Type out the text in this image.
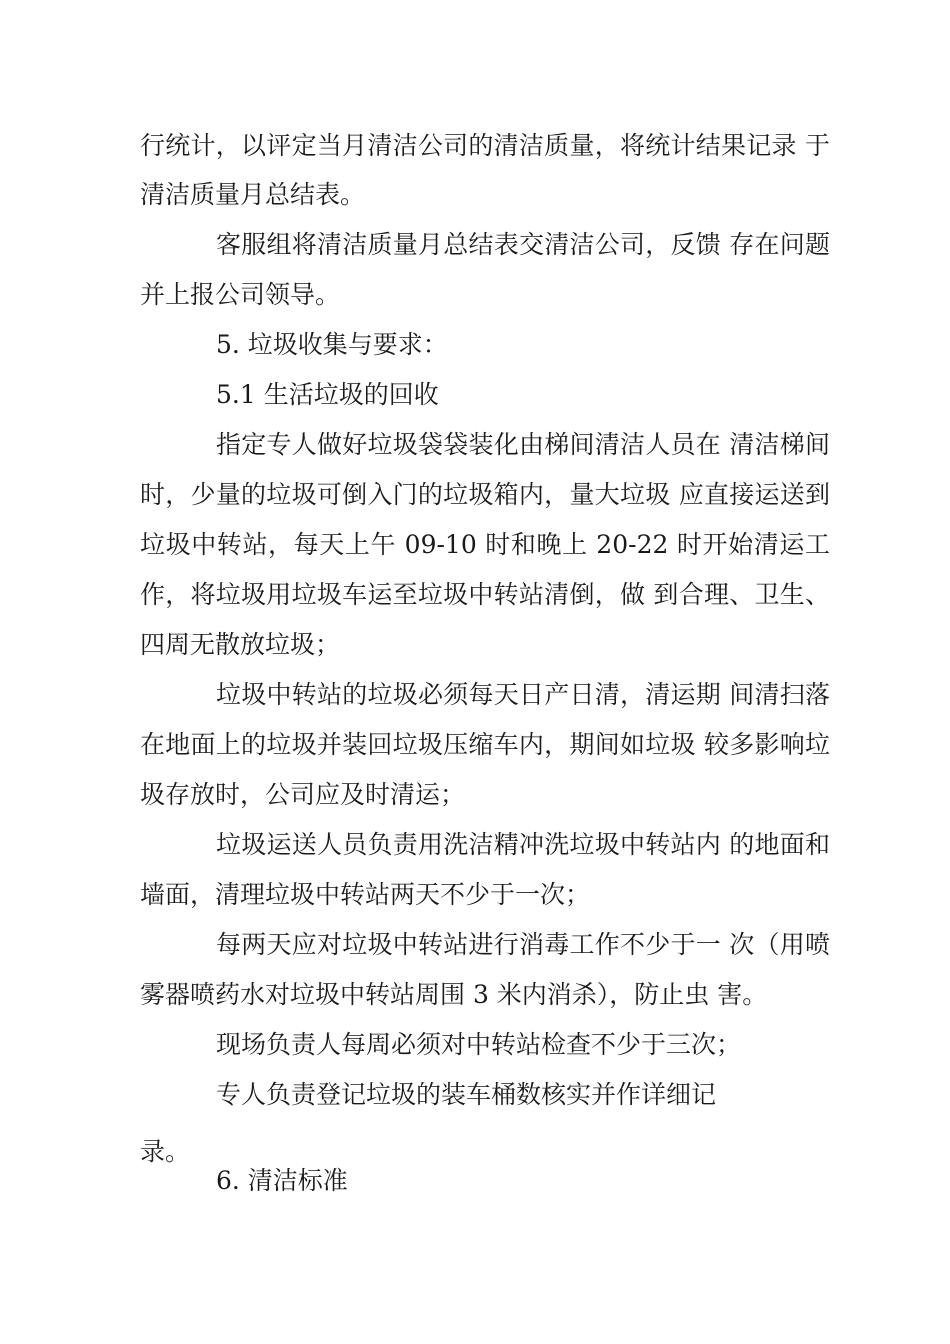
行统计，以评定当月清洁公司的清洁质量，将统计结果记录 于
清洁质量月总结表。
客服组将清洁质量月总结表交清洁公司，反馈 存在问题
并上报公司领导。
5. 垃圾收集与要求：
5.1 生活垃圾的回收
指定专人做好垃圾袋袋装化由梯间清洁人员在 清洁梯间
时，少量的垃圾可倒入门的垃圾箱内，量大垃圾 应直接运送到
垃圾中转站，每天上午 09-10 时和晚上 20-22 时开始清运工
作，将垃圾用垃圾车运至垃圾中转站清倒，做 到合理、卫生、
四周无散放垃圾；
垃圾中转站的垃圾必须每天日产日清，清运期 间清扫落
在地面上的垃圾并装回垃圾压缩车内，期间如垃圾 较多影响垃
圾存放时，公司应及时清运；
垃圾运送人员负责用洗洁精冲洗垃圾中转站内 的地面和
墙面，清理垃圾中转站两天不少于一次；
每两天应对垃圾中转站进行消毒工作不少于一 次（用喷
雾器喷药水对垃圾中转站周围 3 米内消杀），防止虫 害。
现场负责人每周必须对中转站检查不少于三次；
专人负责登记垃圾的装车桶数核实并作详细记
录。
6. 清洁标准
